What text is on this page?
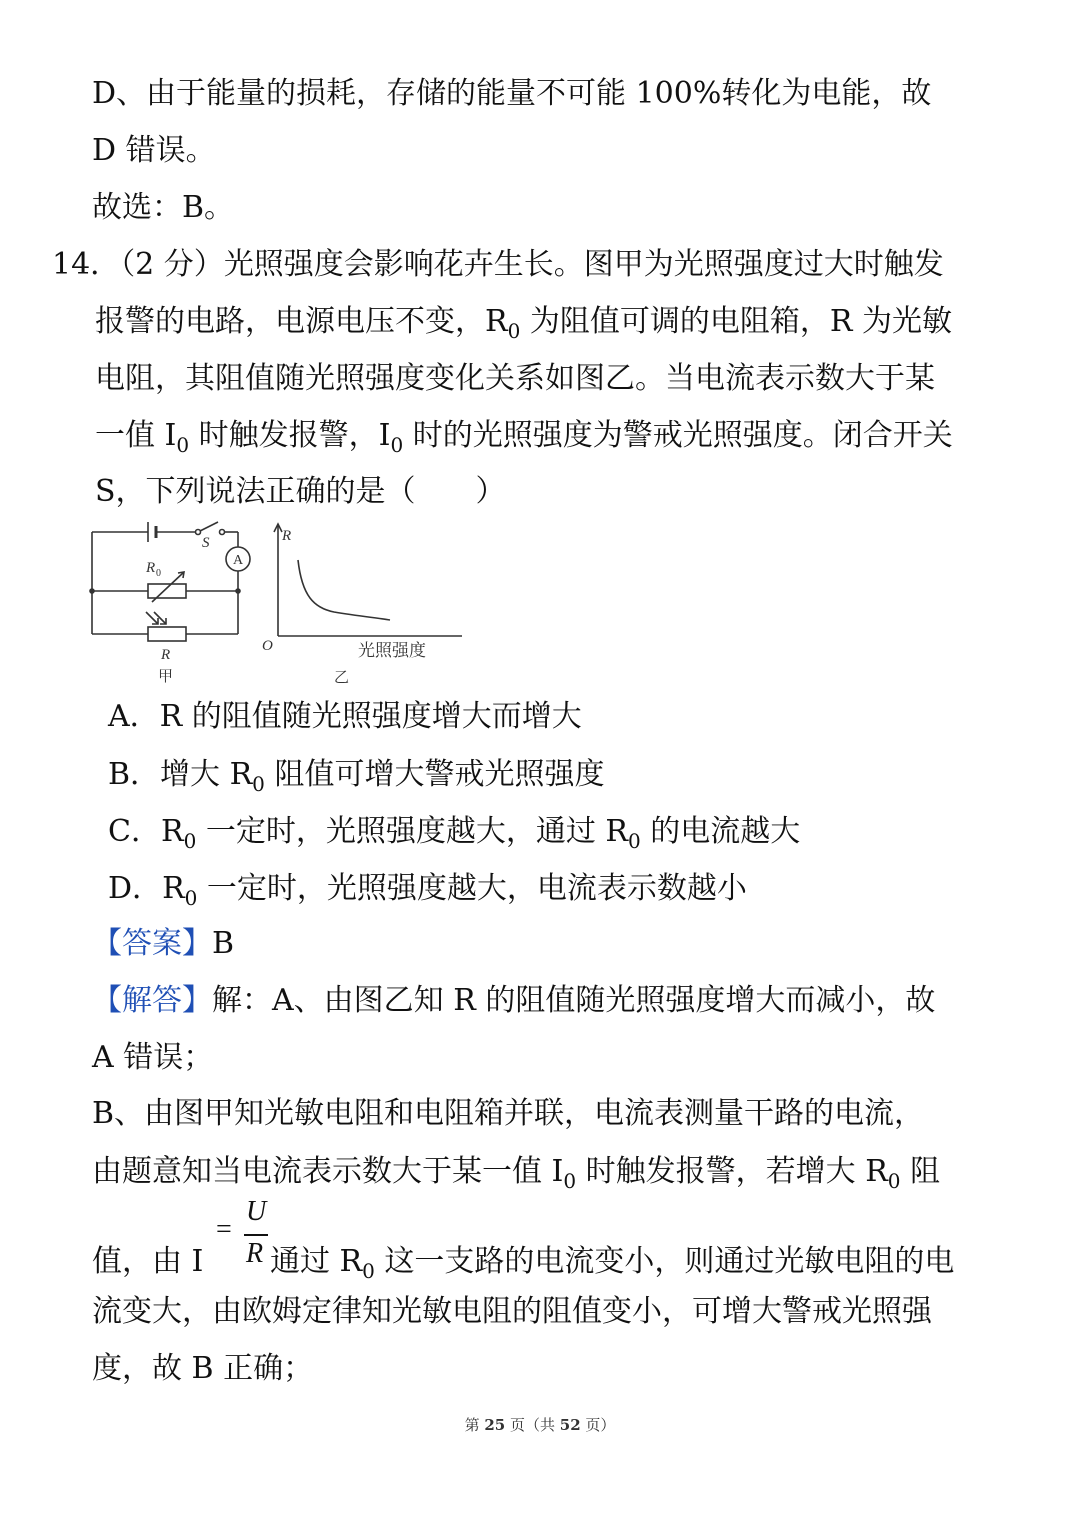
D、由于能量的损耗，存储的能量不可能 100%转化为电能，故
D 错误。
故选：B。
14．（2 分）光照强度会影响花卉生长。图甲为光照强度过大时触发
报警的电路，电源电压不变，$R_0$ 为阻值可调的电阻箱，R 为光敏
电阻，其阻值随光照强度变化关系如图乙。当电流表示数大于某
一值 $I_0$ 时触发报警，$I_0$ 时的光照强度为警戒光照强度。闭合开关
S，下列说法正确的是（　　）
S
A
R 0
R
甲
R
O	光照强度
乙
A．R 的阻值随光照强度增大而增大
B．增大 $R_0$ 阻值可增大警戒光照强度
C．$R_0$ 一定时，光照强度越大，通过 $R_0$ 的电流越大
D．$R_0$ 一定时，光照强度越大，电流表示数越小
【答案】B
【解答】解：A、由图乙知 R 的阻值随光照强度增大而减小，故
A 错误；
B、由图甲知光敏电阻和电阻箱并联，电流表测量干路的电流，
由题意知当电流表示数大于某一值 $I_0$ 时触发报警，若增大 $R_0$ 阻
U
=
R
值，由 I 通过 $R_0$ 这一支路的电流变小，则通过光敏电阻的电
流变大，由欧姆定律知光敏电阻的阻值变小，可增大警戒光照强
度，故 B 正确；
第 25 页（共 52 页）
